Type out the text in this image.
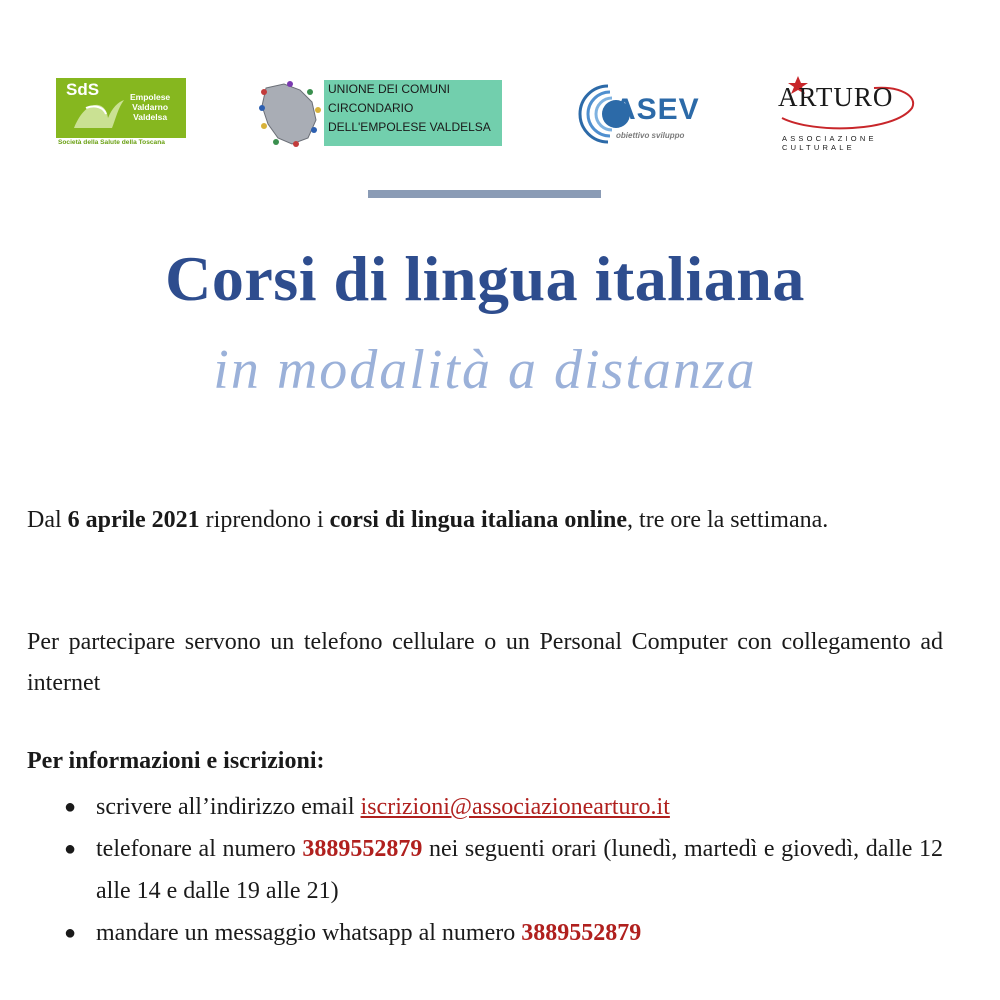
SdS	Empolese
Valdarno
Valdelsa
Società della Salute della Toscana
UNIONE DEI COMUNI
CIRCONDARIO
DELL'EMPOLESE VALDELSA
ASEV
obiettivo sviluppo
ARTURO
ASSOCIAZIONE
CULTURALE
Corsi di lingua italiana
in modalità a distanza
Dal 6 aprile 2021 riprendono i corsi di lingua italiana online, tre ore la settimana.
Per partecipare servono un telefono cellulare o un Personal Computer con collegamento ad internet
Per informazioni e iscrizioni:
● scrivere all’indirizzo email iscrizioni@associazionearturo.it
● telefonare al numero 3889552879 nei seguenti orari (lunedì, martedì e giovedì, dalle 12 alle 14 e dalle 19 alle 21)
● mandare un messaggio whatsapp al numero 3889552879
